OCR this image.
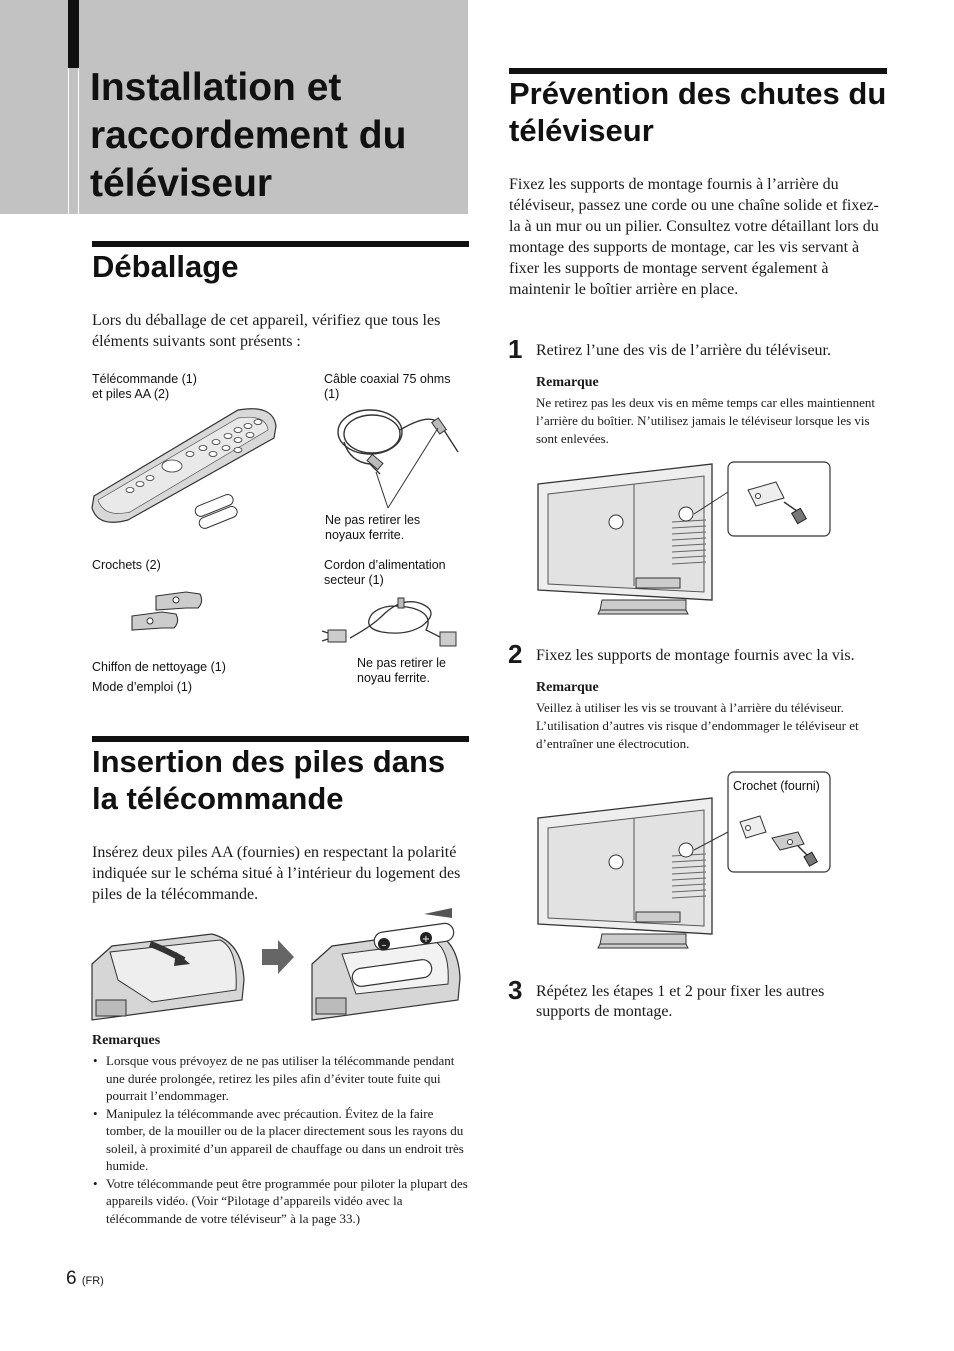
Installation et raccordement du téléviseur
Déballage
Lors du déballage de cet appareil, vérifiez que tous les éléments suivants sont présents :
Télécommande (1)
et piles AA (2)
Câble coaxial 75 ohms
(1)
Ne pas retirer les
noyaux ferrite.
Crochets (2)	Cordon d’alimentation
secteur (1)
Ne pas retirer le
noyau ferrite.
Chiffon de nettoyage (1)
Mode d’emploi (1)
Insertion des piles dans la télécommande
Insérez deux piles AA (fournies) en respectant la polarité indiquée sur le schéma situé à l’intérieur du logement des piles de la télécommande.
–
+
Remarques
• Lorsque vous prévoyez de ne pas utiliser la télécommande pendant une durée prolongée, retirez les piles afin d’éviter toute fuite qui pourrait l’endommager.
• Manipulez la télécommande avec précaution. Évitez de la faire tomber, de la mouiller ou de la placer directement sous les rayons du soleil, à proximité d’un appareil de chauffage ou dans un endroit très humide.
• Votre télécommande peut être programmée pour piloter la plupart des appareils vidéo. (Voir “Pilotage d’appareils vidéo avec la télécommande de votre téléviseur” à la page 33.)
Prévention des chutes du téléviseur
Fixez les supports de montage fournis à l’arrière du téléviseur, passez une corde ou une chaîne solide et fixez-la à un mur ou un pilier. Consultez votre détaillant lors du montage des supports de montage, car les vis servant à fixer les supports de montage servent également à maintenir le boîtier arrière en place.
1 Retirez l’une des vis de l’arrière du téléviseur.
Remarque
Ne retirez pas les deux vis en même temps car elles maintiennent l’arrière du boîtier. N’utilisez jamais le téléviseur lorsque les vis sont enlevées.
2 Fixez les supports de montage fournis avec la vis.
Remarque
Veillez à utiliser les vis se trouvant à l’arrière du téléviseur. L’utilisation d’autres vis risque d’endommager le téléviseur et d’entraîner une électrocution.
Crochet (fourni)
3 Répétez les étapes 1 et 2 pour fixer les autres supports de montage.
6 (FR)
